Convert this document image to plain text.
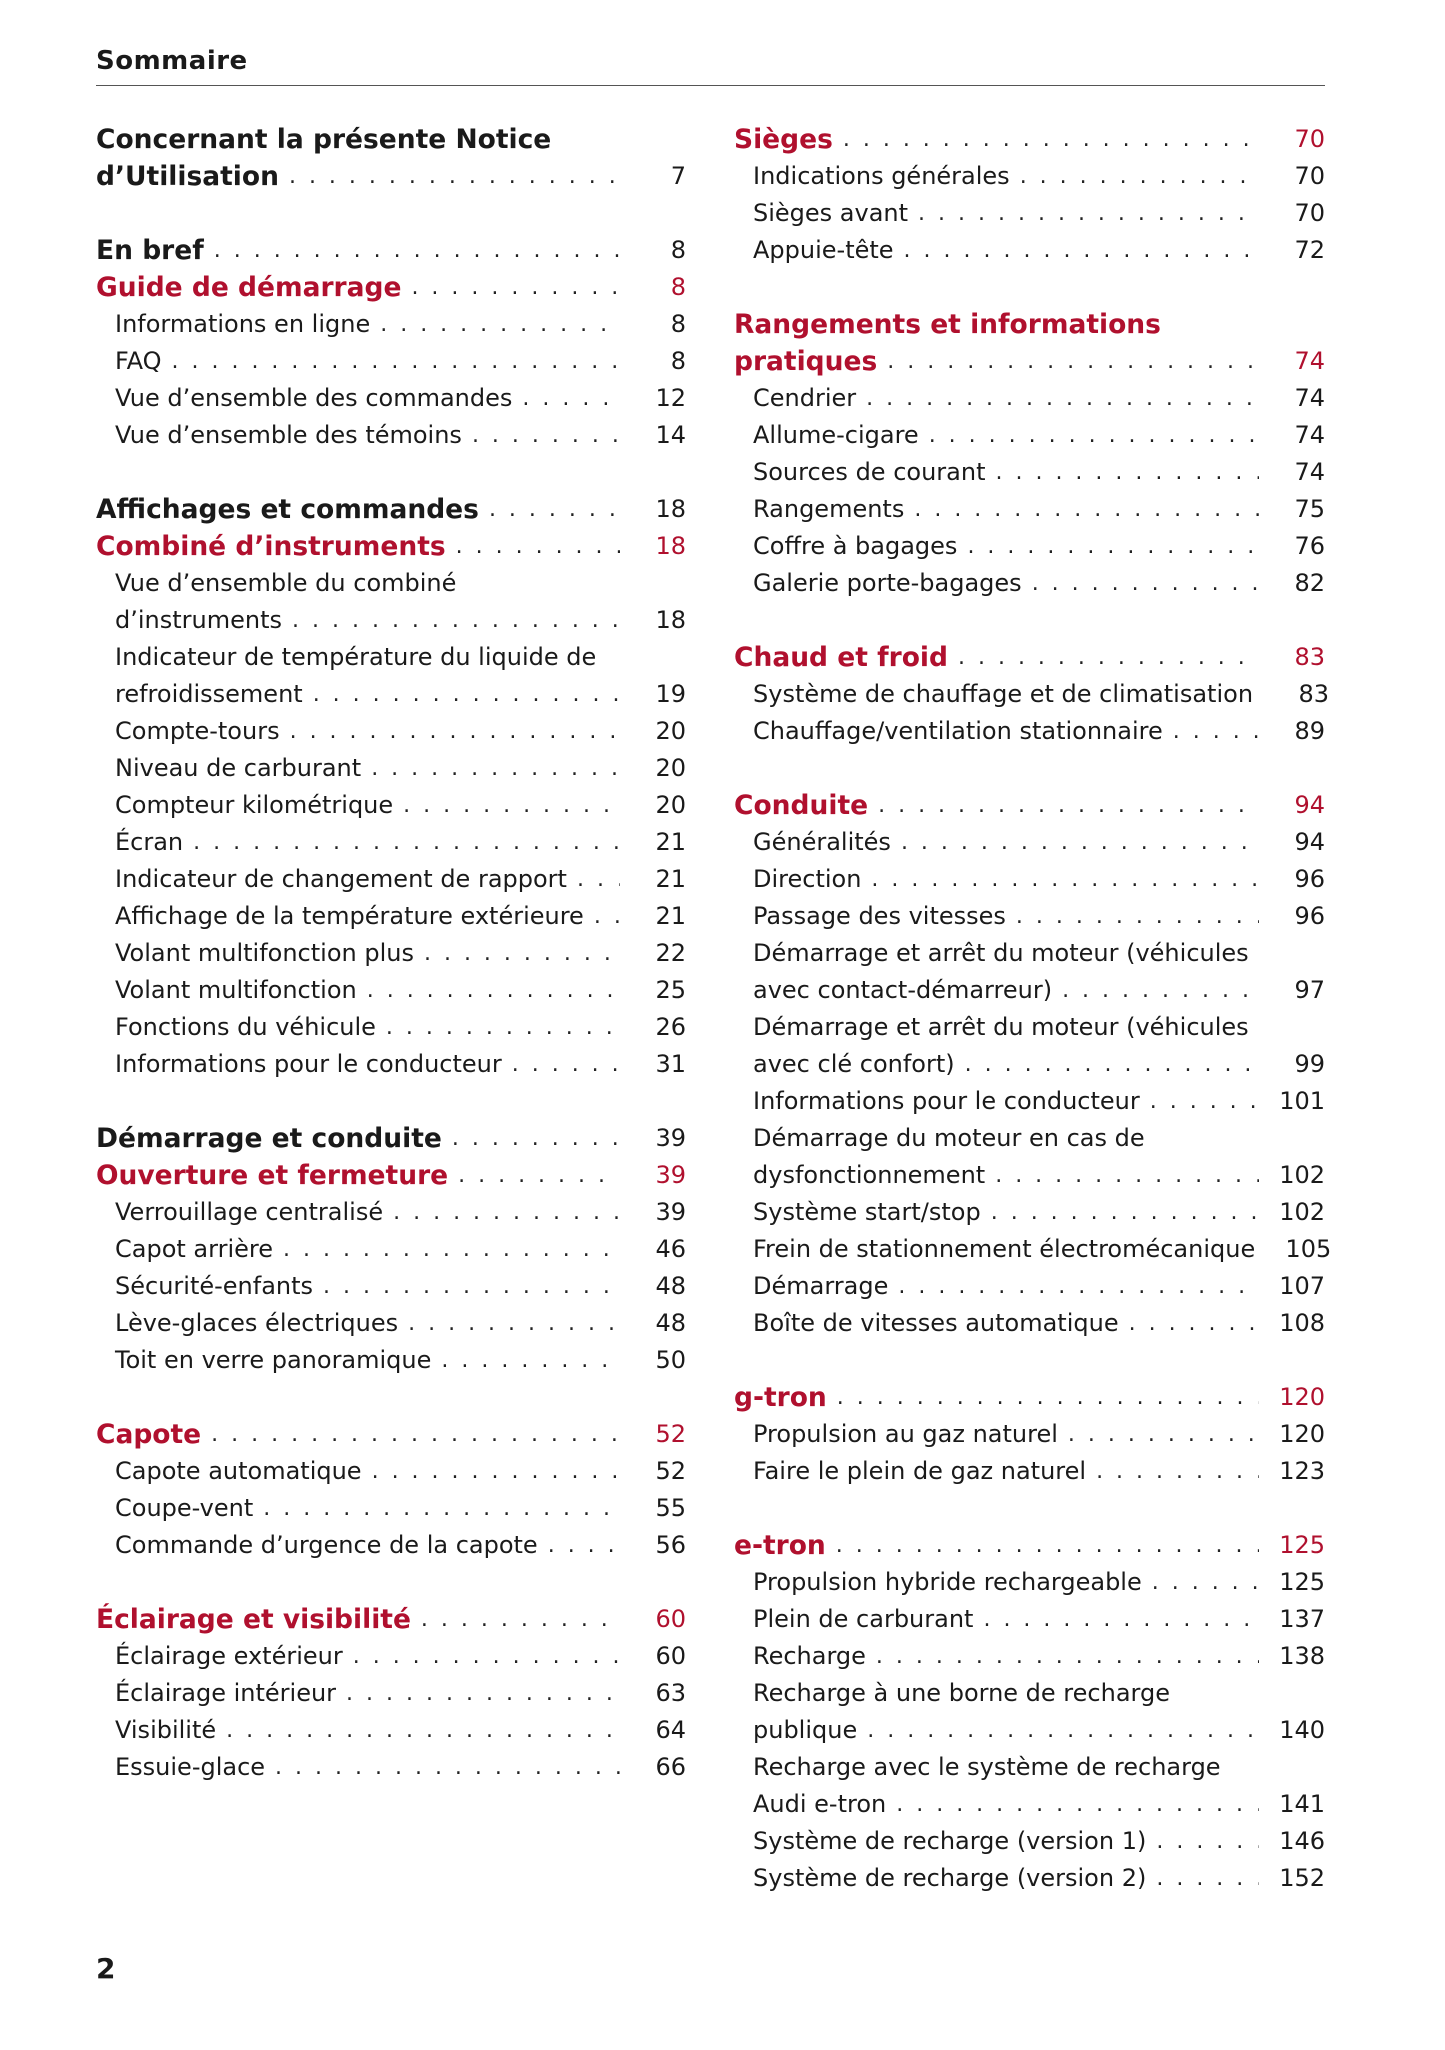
Sommaire
Concernant la présente Notice
d’Utilisation . . .	7
En bref . . .	8
Guide de démarrage . . .	8
Informations en ligne . . .	8
FAQ . . .	8
Vue d’ensemble des commandes . . .	12
Vue d’ensemble des témoins . . .	14
Affichages et commandes . . .	18
Combiné d’instruments . . .	18
Vue d’ensemble du combiné
d’instruments . . .	18
Indicateur de température du liquide de
refroidissement . . .	19
Compte-tours . . .	20
Niveau de carburant . . .	20
Compteur kilométrique . . .	20
Écran . . .	21
Indicateur de changement de rapport . . .	21
Affichage de la température extérieure . . .	21
Volant multifonction plus . . .	22
Volant multifonction . . .	25
Fonctions du véhicule . . .	26
Informations pour le conducteur . . .	31
Démarrage et conduite . . .	39
Ouverture et fermeture . . .	39
Verrouillage centralisé . . .	39
Capot arrière . . .	46
Sécurité-enfants . . .	48
Lève-glaces électriques . . .	48
Toit en verre panoramique . . .	50
Capote . . .	52
Capote automatique . . .	52
Coupe-vent . . .	55
Commande d’urgence de la capote . . .	56
Éclairage et visibilité . . .	60
Éclairage extérieur . . .	60
Éclairage intérieur . . .	63
Visibilité . . .	64
Essuie-glace . . .	66
Sièges . . .	70
Indications générales . . .	70
Sièges avant . . .	70
Appuie-tête . . .	72
Rangements et informations
pratiques . . .	74
Cendrier . . .	74
Allume-cigare . . .	74
Sources de courant . . .	74
Rangements . . .	75
Coffre à bagages . . .	76
Galerie porte-bagages . . .	82
Chaud et froid . . .	83
Système de chauffage et de climatisation	83
Chauffage/ventilation stationnaire . . .	89
Conduite . . .	94
Généralités . . .	94
Direction . . .	96
Passage des vitesses . . .	96
Démarrage et arrêt du moteur (véhicules
avec contact-démarreur) . . .	97
Démarrage et arrêt du moteur (véhicules
avec clé confort) . . .	99
Informations pour le conducteur . . .	101
Démarrage du moteur en cas de
dysfonctionnement . . .	102
Système start/stop . . .	102
Frein de stationnement électromécanique	105
Démarrage . . .	107
Boîte de vitesses automatique . . .	108
g-tron . . .	120
Propulsion au gaz naturel . . .	120
Faire le plein de gaz naturel . . .	123
e-tron . . .	125
Propulsion hybride rechargeable . . .	125
Plein de carburant . . .	137
Recharge . . .	138
Recharge à une borne de recharge
publique . . .	140
Recharge avec le système de recharge
Audi e-tron . . .	141
Système de recharge (version 1) . . .	146
Système de recharge (version 2) . . .	152
2
